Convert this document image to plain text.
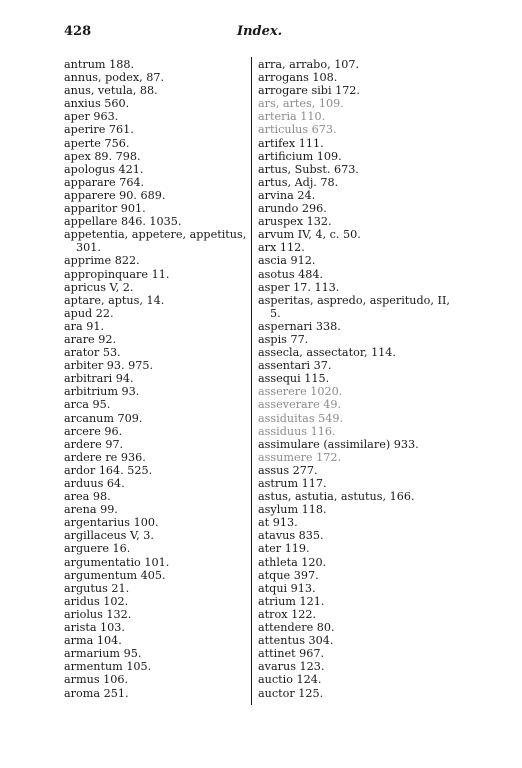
428	Index.
antrum 188.
annus, podex, 87.
anus, vetula, 88.
anxius 560.
aper 963.
aperire 761.
aperte 756.
apex 89. 798.
apologus 421.
apparare 764.
apparere 90. 689.
apparitor 901.
appellare 846. 1035.
appetentia, appetere, appetitus,
301.
apprime 822.
appropinquare 11.
apricus V, 2.
aptare, aptus, 14.
apud 22.
ara 91.
arare 92.
arator 53.
arbiter 93. 975.
arbitrari 94.
arbitrium 93.
arca 95.
arcanum 709.
arcere 96.
ardere 97.
ardere re 936.
ardor 164. 525.
arduus 64.
area 98.
arena 99.
argentarius 100.
argillaceus V, 3.
arguere 16.
argumentatio 101.
argumentum 405.
argutus 21.
aridus 102.
ariolus 132.
arista 103.
arma 104.
armarium 95.
armentum 105.
armus 106.
aroma 251.
arra, arrabo, 107.
arrogans 108.
arrogare sibi 172.
ars, artes, 109.
arteria 110.
articulus 673.
artifex 111.
artificium 109.
artus, Subst. 673.
artus, Adj. 78.
arvina 24.
arundo 296.
aruspex 132.
arvum IV, 4, c. 50.
arx 112.
ascia 912.
asotus 484.
asper 17. 113.
asperitas, aspredo, asperitudo, II,
5.
aspernari 338.
aspis 77.
assecla, assectator, 114.
assentari 37.
assequi 115.
asserere 1020.
asseverare 49.
assiduitas 549.
assiduus 116.
assimulare (assimilare) 933.
assumere 172.
assus 277.
astrum 117.
astus, astutia, astutus, 166.
asylum 118.
at 913.
atavus 835.
ater 119.
athleta 120.
atque 397.
atqui 913.
atrium 121.
atrox 122.
attendere 80.
attentus 304.
attinet 967.
avarus 123.
auctio 124.
auctor 125.
